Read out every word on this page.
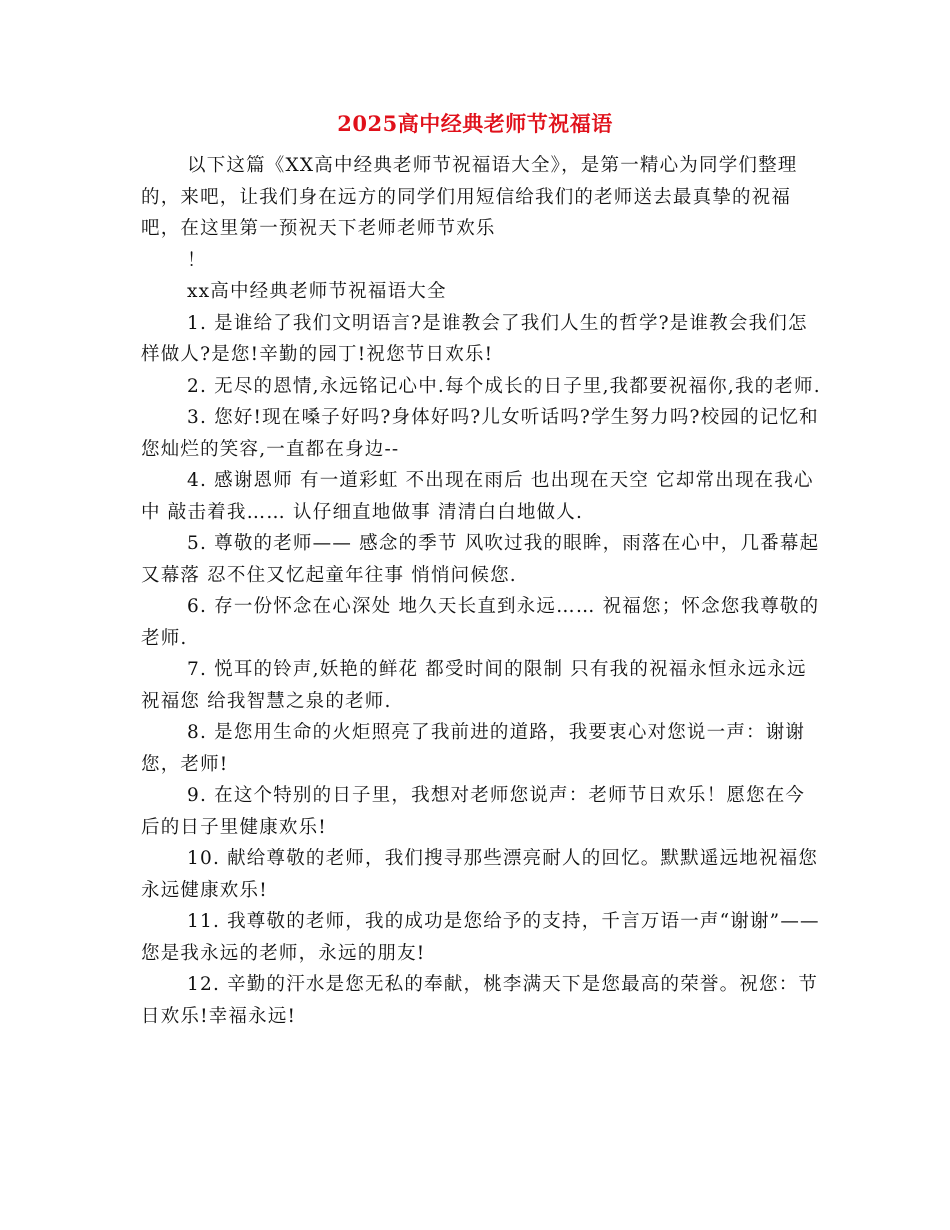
2025高中经典老师节祝福语

以下这篇《XX高中经典老师节祝福语大全》，是第一精心为同学们整理的，来吧，让我们身在远方的同学们用短信给我们的老师送去最真挚的祝福吧，在这里第一预祝天下老师老师节欢乐

！

xx高中经典老师节祝福语大全

1. 是谁给了我们文明语言?是谁教会了我们人生的哲学?是谁教会我们怎样做人?是您!辛勤的园丁!祝您节日欢乐!

2. 无尽的恩情,永远铭记心中.每个成长的日子里,我都要祝福你,我的老师.

3. 您好!现在嗓子好吗?身体好吗?儿女听话吗?学生努力吗?校园的记忆和您灿烂的笑容,一直都在身边--

4. 感谢恩师 有一道彩虹 不出现在雨后 也出现在天空 它却常出现在我心中 敲击着我…… 认仔细直地做事 清清白白地做人.

5. 尊敬的老师—— 感念的季节 风吹过我的眼眸，雨落在心中，几番幕起又幕落 忍不住又忆起童年往事 悄悄问候您.

6. 存一份怀念在心深处 地久天长直到永远…… 祝福您；怀念您我尊敬的老师.

7. 悦耳的铃声,妖艳的鲜花 都受时间的限制 只有我的祝福永恒永远永远祝福您 给我智慧之泉的老师.

8. 是您用生命的火炬照亮了我前进的道路，我要衷心对您说一声：谢谢您，老师!

9. 在这个特别的日子里，我想对老师您说声：老师节日欢乐！愿您在今后的日子里健康欢乐!

10. 献给尊敬的老师，我们搜寻那些漂亮耐人的回忆。默默遥远地祝福您永远健康欢乐!

11. 我尊敬的老师，我的成功是您给予的支持，千言万语一声“谢谢”——您是我永远的老师，永远的朋友!

12. 辛勤的汗水是您无私的奉献，桃李满天下是您最高的荣誉。祝您：节日欢乐!幸福永远!
